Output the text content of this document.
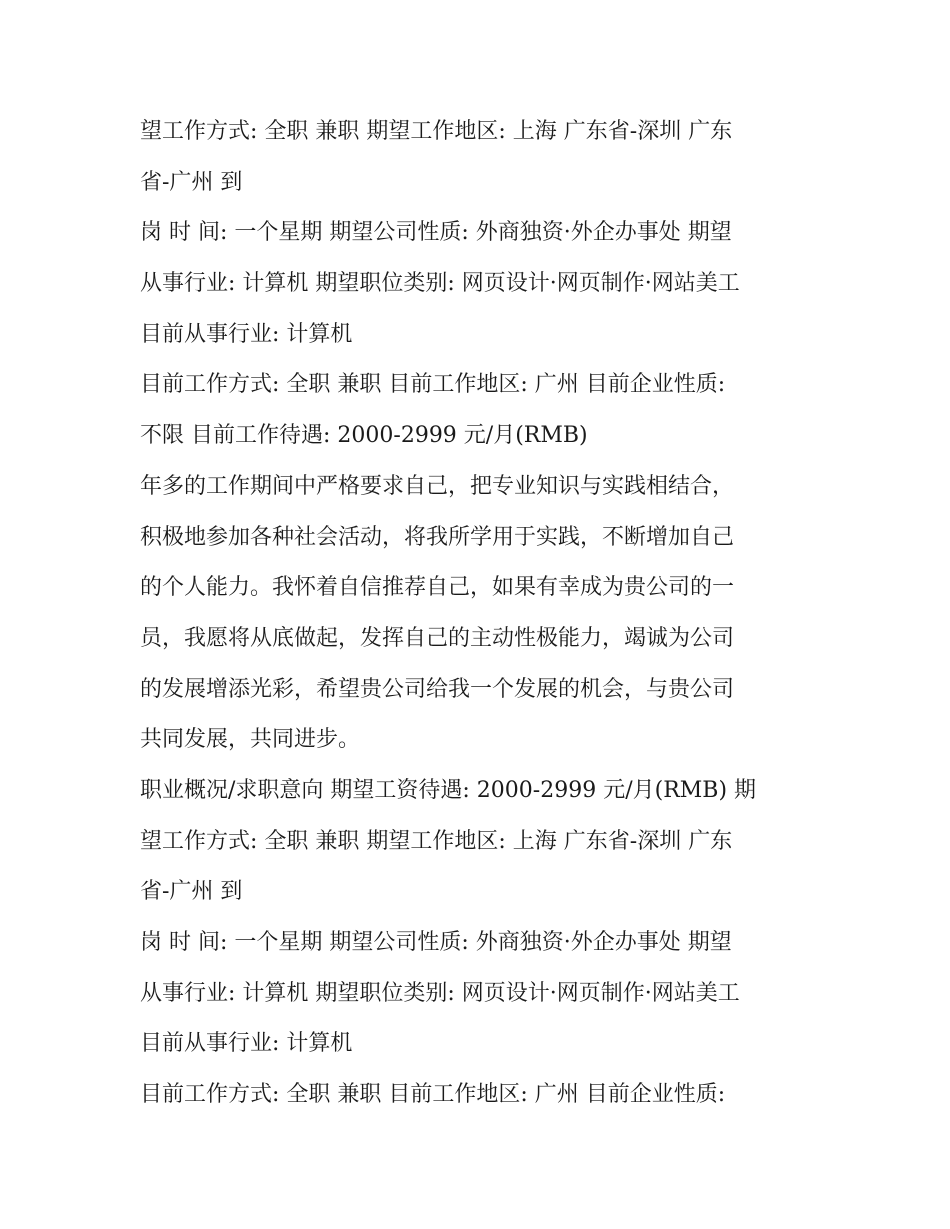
望工作方式: 全职 兼职 期望工作地区: 上海 广东省-深圳 广东
省-广州 到
岗 时 间: 一个星期 期望公司性质: 外商独资·外企办事处 期望
从事行业: 计算机 期望职位类别: 网页设计·网页制作·网站美工
目前从事行业: 计算机
目前工作方式: 全职 兼职 目前工作地区: 广州 目前企业性质:
不限 目前工作待遇: 2000-2999 元/月(RMB)
年多的工作期间中严格要求自己，把专业知识与实践相结合，
积极地参加各种社会活动，将我所学用于实践，不断增加自己
的个人能力。我怀着自信推荐自己，如果有幸成为贵公司的一
员，我愿将从底做起，发挥自己的主动性极能力，竭诚为公司
的发展增添光彩，希望贵公司给我一个发展的机会，与贵公司
共同发展，共同进步。
职业概况/求职意向 期望工资待遇: 2000-2999 元/月(RMB) 期
望工作方式: 全职 兼职 期望工作地区: 上海 广东省-深圳 广东
省-广州 到
岗 时 间: 一个星期 期望公司性质: 外商独资·外企办事处 期望
从事行业: 计算机 期望职位类别: 网页设计·网页制作·网站美工
目前从事行业: 计算机
目前工作方式: 全职 兼职 目前工作地区: 广州 目前企业性质:
